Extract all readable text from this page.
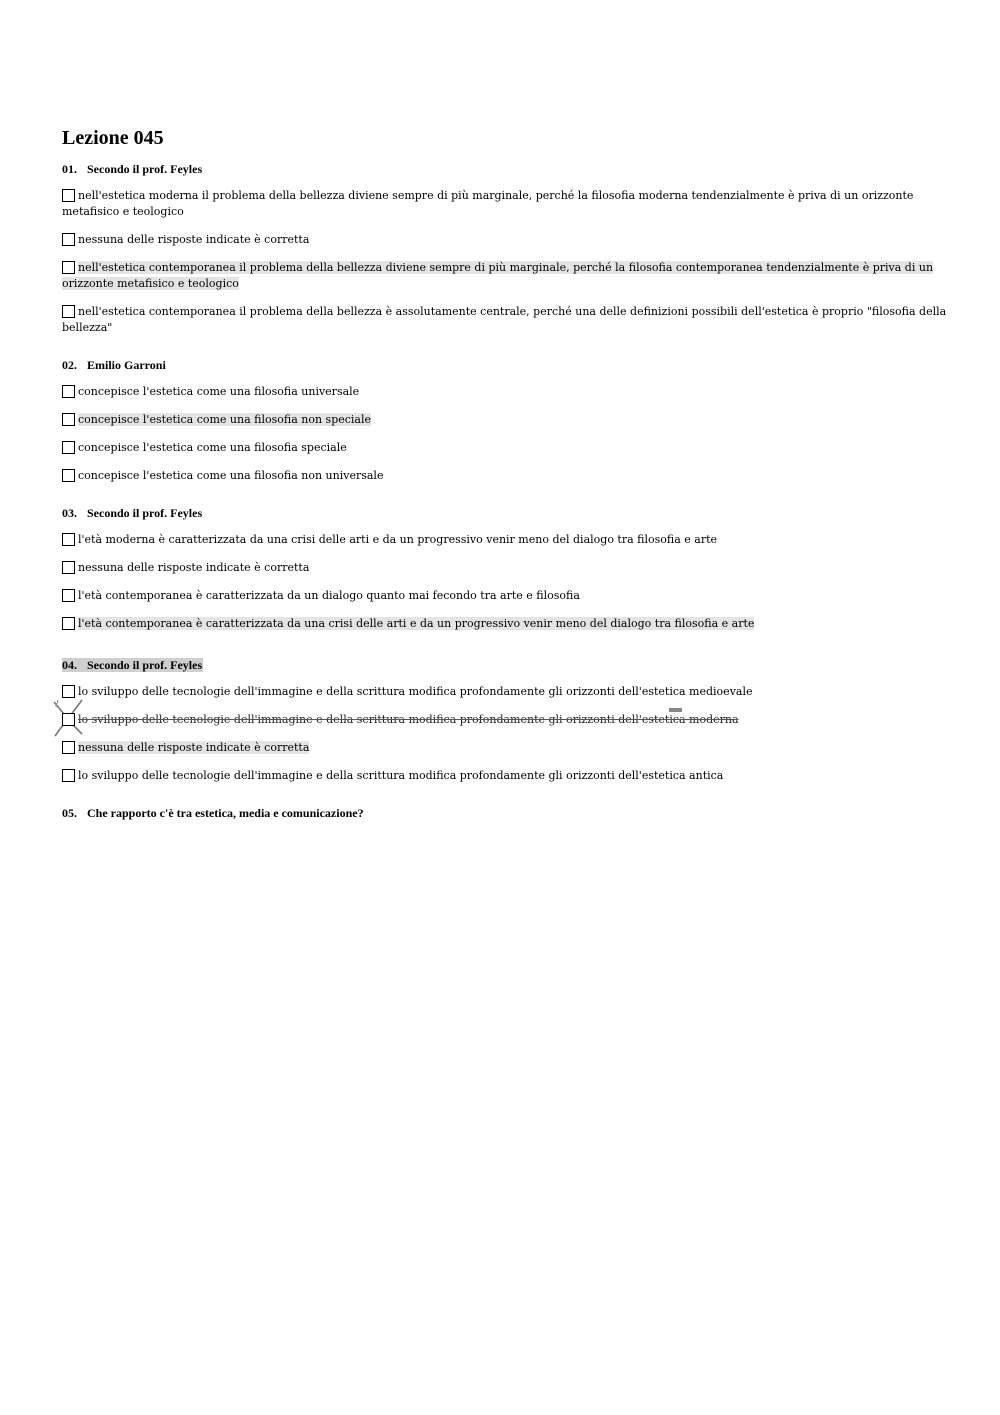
Lezione 045
01. Secondo il prof. Feyles
nell'estetica moderna il problema della bellezza diviene sempre di più marginale, perché la filosofia moderna tendenzialmente è priva di un orizzonte metafisico e teologico
nessuna delle risposte indicate è corretta
nell'estetica contemporanea il problema della bellezza diviene sempre di più marginale, perché la filosofia contemporanea tendenzialmente è priva di un orizzonte metafisico e teologico
nell'estetica contemporanea il problema della bellezza è assolutamente centrale, perché una delle definizioni possibili dell'estetica è proprio "filosofia della bellezza"
02. Emilio Garroni
concepisce l'estetica come una filosofia universale
concepisce l'estetica come una filosofia non speciale
concepisce l'estetica come una filosofia speciale
concepisce l'estetica come una filosofia non universale
03. Secondo il prof. Feyles
l'età moderna è caratterizzata da una crisi delle arti e da un progressivo venir meno del dialogo tra filosofia e arte
nessuna delle risposte indicate è corretta
l'età contemporanea è caratterizzata da un dialogo quanto mai fecondo tra arte e filosofia
l'età contemporanea è caratterizzata da una crisi delle arti e da un progressivo venir meno del dialogo tra filosofia e arte
04. Secondo il prof. Feyles
lo sviluppo delle tecnologie dell'immagine e della scrittura modifica profondamente gli orizzonti dell'estetica medioevale
lo sviluppo delle tecnologie dell'immagine e della scrittura modifica profondamente gli orizzonti dell'estetica moderna
nessuna delle risposte indicate è corretta
lo sviluppo delle tecnologie dell'immagine e della scrittura modifica profondamente gli orizzonti dell'estetica antica
05. Che rapporto c'è tra estetica, media e comunicazione?
